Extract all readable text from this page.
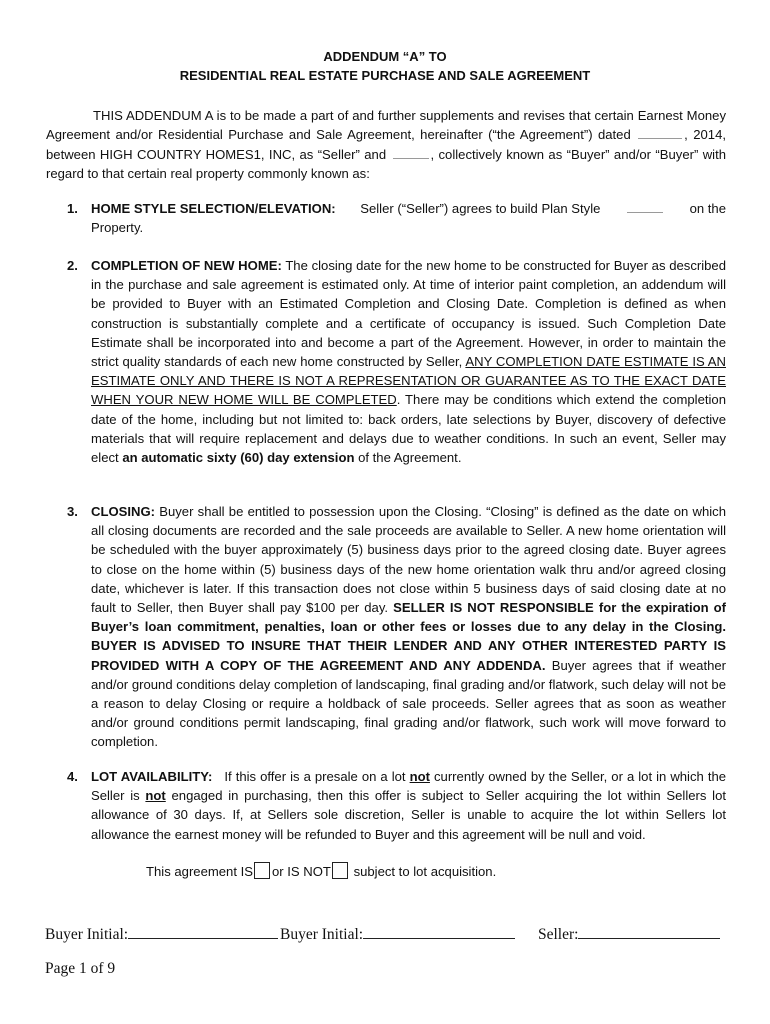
ADDENDUM “A” TO
RESIDENTIAL REAL ESTATE PURCHASE AND SALE AGREEMENT
THIS ADDENDUM A is to be made a part of and further supplements and revises that certain Earnest Money Agreement and/or Residential Purchase and Sale Agreement, hereinafter (“the Agreement”) dated	, 2014, between HIGH COUNTRY HOMES1, INC, as “Seller” and	, collectively known as “Buyer” and/or “Buyer” with regard to that certain real property commonly known as:
1. HOME STYLE SELECTION/ELEVATION: Seller (“Seller”) agrees to build Plan Style	on the
Property.
2. COMPLETION OF NEW HOME: The closing date for the new home to be constructed for Buyer as described in the purchase and sale agreement is estimated only. At time of interior paint completion, an addendum will be provided to Buyer with an Estimated Completion and Closing Date. Completion is defined as when construction is substantially complete and a certificate of occupancy is issued. Such Completion Date Estimate shall be incorporated into and become a part of the Agreement. However, in order to maintain the strict quality standards of each new home constructed by Seller, ANY COMPLETION DATE ESTIMATE IS AN ESTIMATE ONLY AND THERE IS NOT A REPRESENTATION OR GUARANTEE AS TO THE EXACT DATE WHEN YOUR NEW HOME WILL BE COMPLETED. There may be conditions which extend the completion date of the home, including but not limited to: back orders, late selections by Buyer, discovery of defective materials that will require replacement and delays due to weather conditions. In such an event, Seller may elect an automatic sixty (60) day extension of the Agreement.
3. CLOSING: Buyer shall be entitled to possession upon the Closing. “Closing” is defined as the date on which all closing documents are recorded and the sale proceeds are available to Seller. A new home orientation will be scheduled with the buyer approximately (5) business days prior to the agreed closing date. Buyer agrees to close on the home within (5) business days of the new home orientation walk thru and/or agreed closing date, whichever is later. If this transaction does not close within 5 business days of said closing date at no fault to Seller, then Buyer shall pay $100 per day. SELLER IS NOT RESPONSIBLE for the expiration of Buyer’s loan commitment, penalties, loan or other fees or losses due to any delay in the Closing. BUYER IS ADVISED TO INSURE THAT THEIR LENDER AND ANY OTHER INTERESTED PARTY IS PROVIDED WITH A COPY OF THE AGREEMENT AND ANY ADDENDA. Buyer agrees that if weather and/or ground conditions delay completion of landscaping, final grading and/or flatwork, such delay will not be a reason to delay Closing or require a holdback of sale proceeds. Seller agrees that as soon as weather and/or ground conditions permit landscaping, final grading and/or flatwork, such work will move forward to completion.
4. LOT AVAILABILITY: If this offer is a presale on a lot not currently owned by the Seller, or a lot in which the Seller is not engaged in purchasing, then this offer is subject to Seller acquiring the lot within Sellers lot allowance of 30 days. If, at Sellers sole discretion, Seller is unable to acquire the lot within Sellers lot allowance the earnest money will be refunded to Buyer and this agreement will be null and void.
This agreement IS or IS NOT subject to lot acquisition.
Buyer Initial:	Buyer Initial:	Seller:
Page 1 of 9
